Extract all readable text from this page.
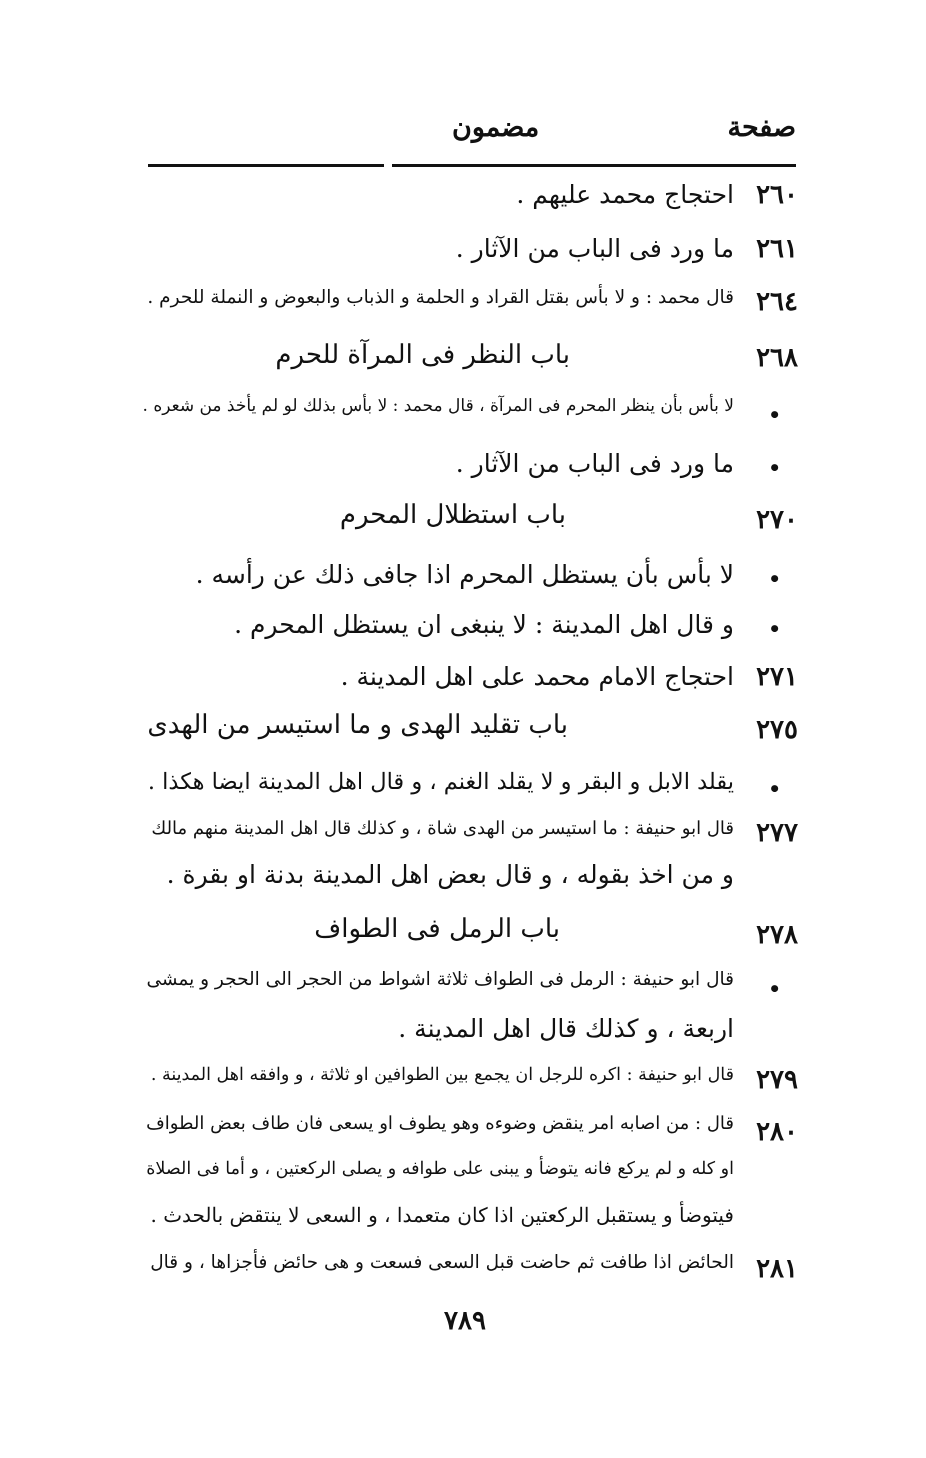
صفحة
مضمون
٢٦٠
احتجاج محمد عليهم .
٢٦١
ما ورد فى الباب من الآثار .
٢٦٤
قال محمد : و لا بأس بقتل القراد و الحلمة و الذباب والبعوض و النملة للحرم .
٢٦٨
باب النظر فى المرآة للحرم
•
لا بأس بأن ينظر المحرم فى المرآة ، قال محمد : لا بأس بذلك لو لم يأخذ من شعره .
•
ما ورد فى الباب من الآثار .
٢٧٠
باب استظلال المحرم
•
لا بأس بأن يستظل المحرم اذا جافى ذلك عن رأسه .
•
و قال اهل المدينة : لا ينبغى ان يستظل المحرم .
٢٧١
احتجاج الامام محمد على اهل المدينة .
٢٧٥
باب تقليد الهدى و ما استيسر من الهدى
•
يقلد الابل و البقر و لا يقلد الغنم ، و قال اهل المدينة ايضا هكذا .
٢٧٧
قال ابو حنيفة : ما استيسر من الهدى شاة ، و كذلك قال اهل المدينة منهم مالك
و من اخذ بقوله ، و قال بعض اهل المدينة بدنة او بقرة .
٢٧٨
باب الرمل فى الطواف
•
قال ابو حنيفة : الرمل فى الطواف ثلاثة اشواط من الحجر الى الحجر و يمشى
اربعة ، و كذلك قال اهل المدينة .
٢٧٩
قال ابو حنيفة : اكره للرجل ان يجمع بين الطوافين او ثلاثة ، و وافقه اهل المدينة .
٢٨٠
قال : من اصابه امر ينقض وضوءه وهو يطوف او يسعى فان طاف بعض الطواف
او كله و لم يركع فانه يتوضأ و يبنى على طوافه و يصلى الركعتين ، و أما فى الصلاة
فيتوضأ و يستقبل الركعتين اذا كان متعمدا ، و السعى لا ينتقض بالحدث .
٢٨١
الحائض اذا طافت ثم حاضت قبل السعى فسعت و هى حائض فأجزاها ، و قال
٧٨٩
